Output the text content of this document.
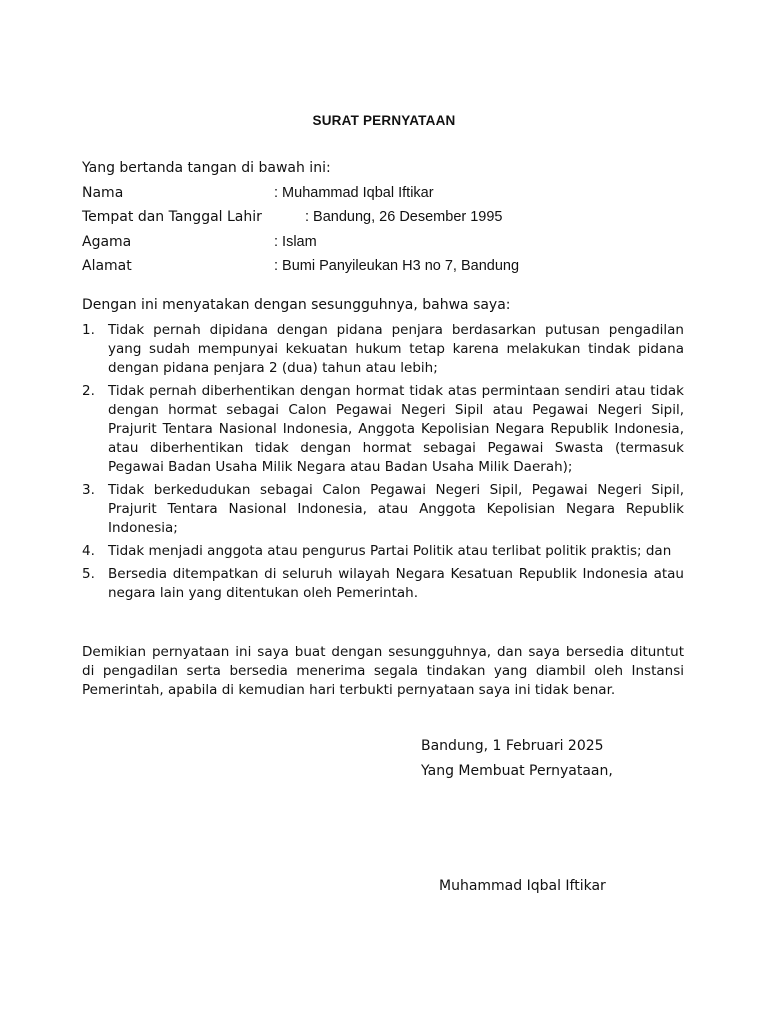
SURAT PERNYATAAN
Yang bertanda tangan di bawah ini:
Nama	: Muhammad Iqbal Iftikar
Tempat dan Tanggal Lahir	: Bandung, 26 Desember 1995
Agama	: Islam
Alamat	: Bumi Panyileukan H3 no 7, Bandung
Dengan ini menyatakan dengan sesungguhnya, bahwa saya:
1. Tidak pernah dipidana dengan pidana penjara berdasarkan putusan pengadilan yang sudah mempunyai kekuatan hukum tetap karena melakukan tindak pidana dengan pidana penjara 2 (dua) tahun atau lebih;
2. Tidak pernah diberhentikan dengan hormat tidak atas permintaan sendiri atau tidak dengan hormat sebagai Calon Pegawai Negeri Sipil atau Pegawai Negeri Sipil, Prajurit Tentara Nasional Indonesia, Anggota Kepolisian Negara Republik Indonesia, atau diberhentikan tidak dengan hormat sebagai Pegawai Swasta (termasuk Pegawai Badan Usaha Milik Negara atau Badan Usaha Milik Daerah);
3. Tidak berkedudukan sebagai Calon Pegawai Negeri Sipil, Pegawai Negeri Sipil, Prajurit Tentara Nasional Indonesia, atau Anggota Kepolisian Negara Republik Indonesia;
4. Tidak menjadi anggota atau pengurus Partai Politik atau terlibat politik praktis; dan
5. Bersedia ditempatkan di seluruh wilayah Negara Kesatuan Republik Indonesia atau negara lain yang ditentukan oleh Pemerintah.
Demikian pernyataan ini saya buat dengan sesungguhnya, dan saya bersedia dituntut di pengadilan serta bersedia menerima segala tindakan yang diambil oleh Instansi Pemerintah, apabila di kemudian hari terbukti pernyataan saya ini tidak benar.
Bandung, 1 Februari 2025
Yang Membuat Pernyataan,
Muhammad Iqbal Iftikar
